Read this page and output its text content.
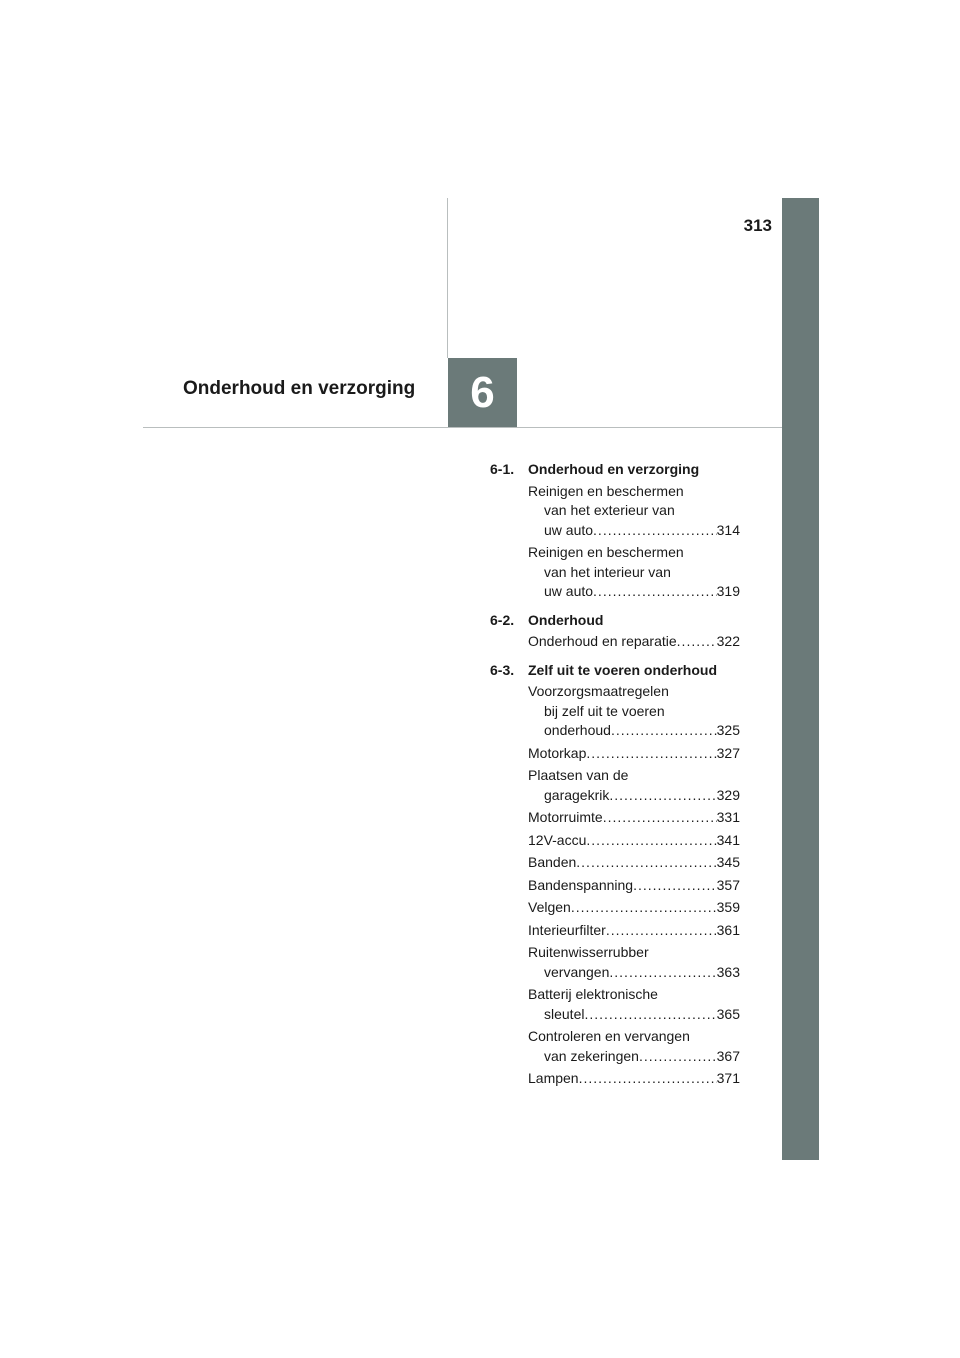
6
313
Onderhoud en verzorging
6-1. Onderhoud en verzorging
Reinigen en beschermen
van het exterieur van
uw auto .....	314
Reinigen en beschermen
van het interieur van
uw auto .....	319
6-2. Onderhoud
Onderhoud en reparatie .....	322
6-3. Zelf uit te voeren onderhoud
Voorzorgsmaatregelen
bij zelf uit te voeren
onderhoud .....	325
Motorkap .....	327
Plaatsen van de
garagekrik .....	329
Motorruimte .....	331
12V-accu .....	341
Banden .....	345
Bandenspanning .....	357
Velgen .....	359
Interieurfilter .....	361
Ruitenwisserrubber
vervangen .....	363
Batterij elektronische
sleutel .....	365
Controleren en vervangen
van zekeringen .....	367
Lampen .....	371
